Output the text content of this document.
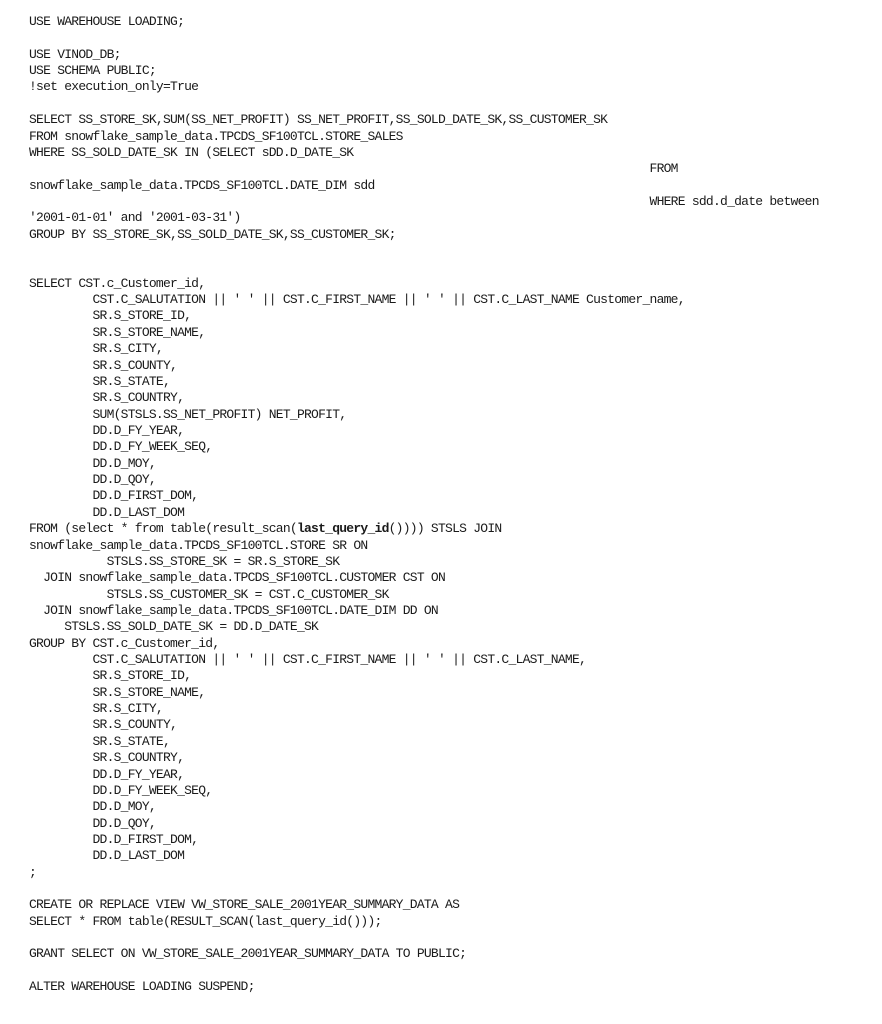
USE WAREHOUSE LOADING;
USE VINOD_DB;
USE SCHEMA PUBLIC;
!set execution_only=True
SELECT SS_STORE_SK,SUM(SS_NET_PROFIT) SS_NET_PROFIT,SS_SOLD_DATE_SK,SS_CUSTOMER_SK
FROM snowflake_sample_data.TPCDS_SF100TCL.STORE_SALES
WHERE SS_SOLD_DATE_SK IN (SELECT sDD.D_DATE_SK
FROM
snowflake_sample_data.TPCDS_SF100TCL.DATE_DIM sdd
WHERE sdd.d_date between
'2001-01-01' and '2001-03-31')
GROUP BY SS_STORE_SK,SS_SOLD_DATE_SK,SS_CUSTOMER_SK;
SELECT CST.c_Customer_id,
CST.C_SALUTATION || ' ' || CST.C_FIRST_NAME || ' ' || CST.C_LAST_NAME Customer_name,
SR.S_STORE_ID,
SR.S_STORE_NAME,
SR.S_CITY,
SR.S_COUNTY,
SR.S_STATE,
SR.S_COUNTRY,
SUM(STSLS.SS_NET_PROFIT) NET_PROFIT,
DD.D_FY_YEAR,
DD.D_FY_WEEK_SEQ,
DD.D_MOY,
DD.D_QOY,
DD.D_FIRST_DOM,
DD.D_LAST_DOM
FROM (select * from table(result_scan(last_query_id()))) STSLS JOIN
snowflake_sample_data.TPCDS_SF100TCL.STORE SR ON
STSLS.SS_STORE_SK = SR.S_STORE_SK
JOIN snowflake_sample_data.TPCDS_SF100TCL.CUSTOMER CST ON
STSLS.SS_CUSTOMER_SK = CST.C_CUSTOMER_SK
JOIN snowflake_sample_data.TPCDS_SF100TCL.DATE_DIM DD ON
STSLS.SS_SOLD_DATE_SK = DD.D_DATE_SK
GROUP BY CST.c_Customer_id,
CST.C_SALUTATION || ' ' || CST.C_FIRST_NAME || ' ' || CST.C_LAST_NAME,
SR.S_STORE_ID,
SR.S_STORE_NAME,
SR.S_CITY,
SR.S_COUNTY,
SR.S_STATE,
SR.S_COUNTRY,
DD.D_FY_YEAR,
DD.D_FY_WEEK_SEQ,
DD.D_MOY,
DD.D_QOY,
DD.D_FIRST_DOM,
DD.D_LAST_DOM
;
CREATE OR REPLACE VIEW VW_STORE_SALE_2001YEAR_SUMMARY_DATA AS
SELECT * FROM table(RESULT_SCAN(last_query_id()));
GRANT SELECT ON VW_STORE_SALE_2001YEAR_SUMMARY_DATA TO PUBLIC;
ALTER WAREHOUSE LOADING SUSPEND;
